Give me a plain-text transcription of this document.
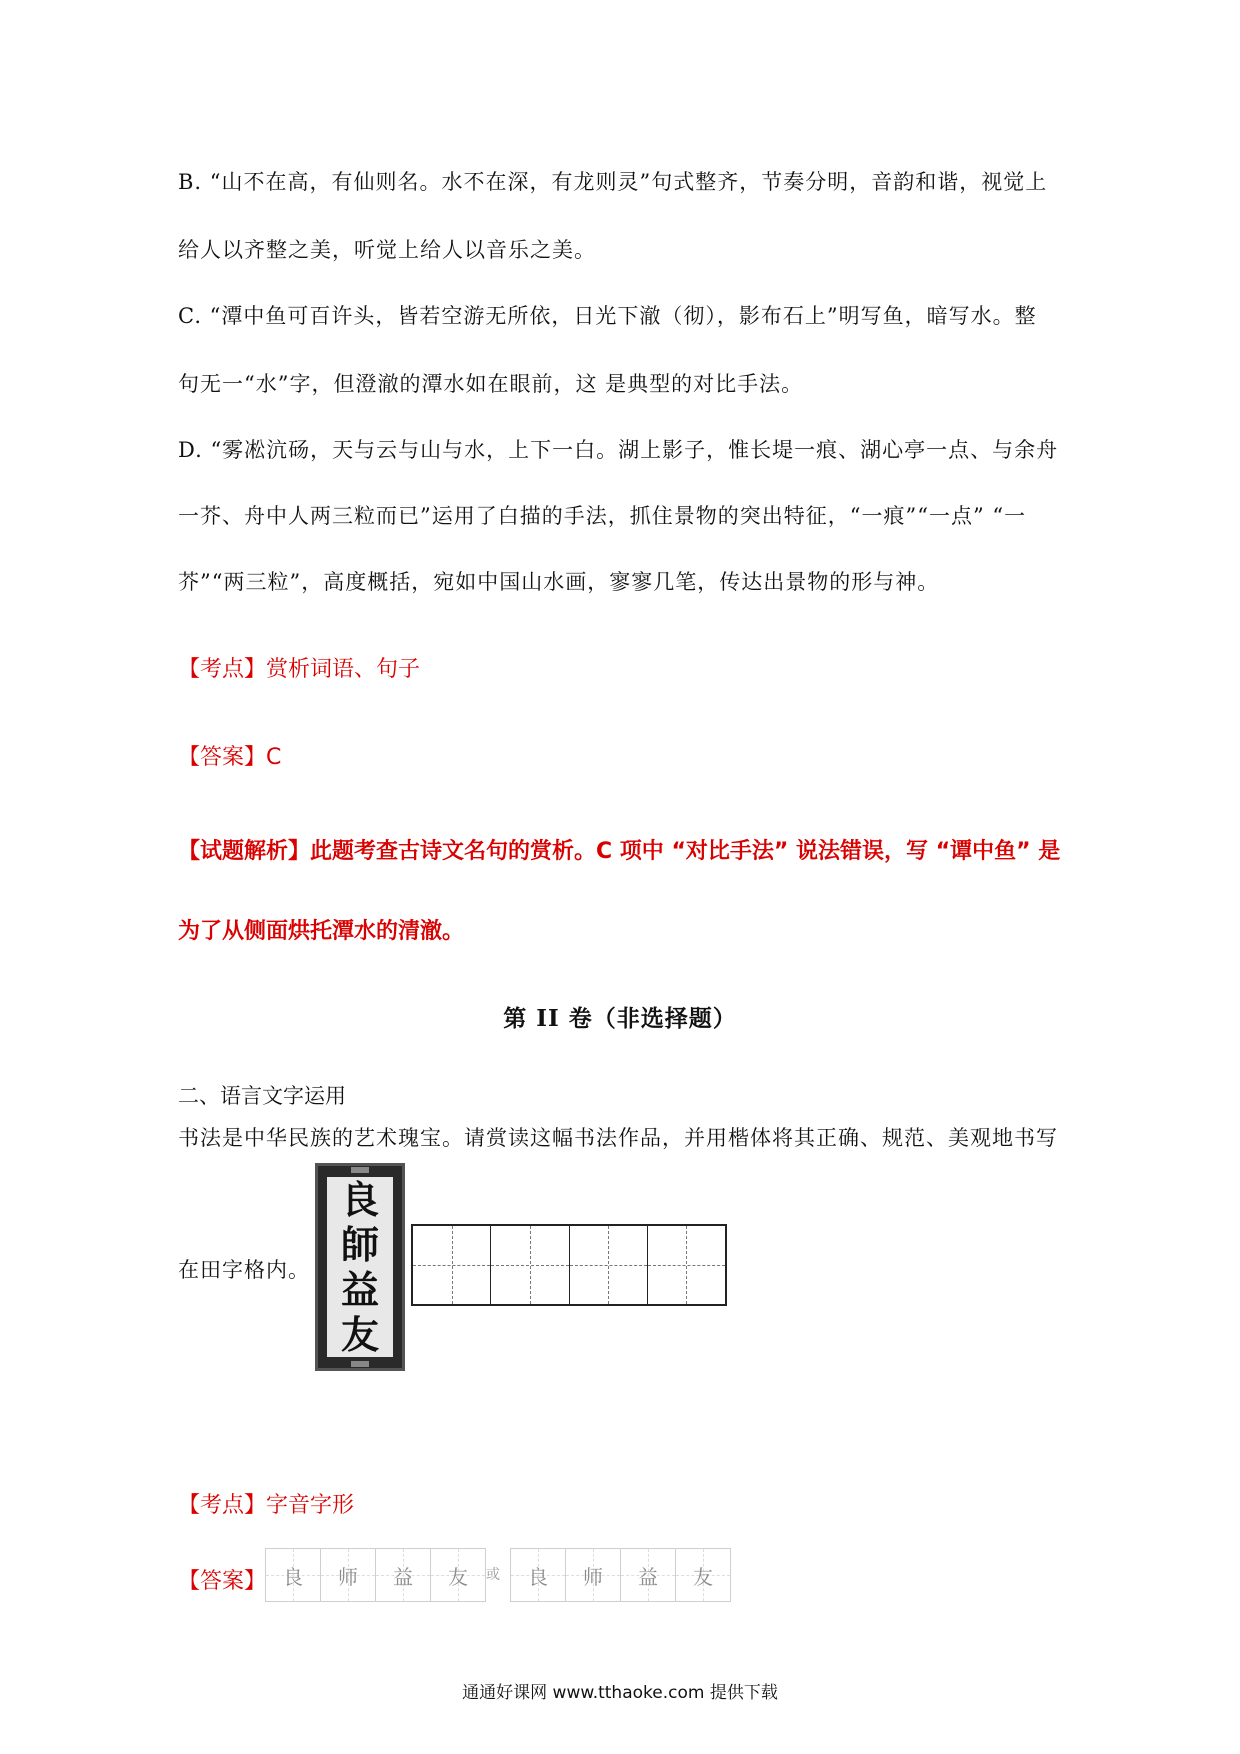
B. “山不在高，有仙则名。水不在深，有龙则灵”句式整齐，节奏分明，音韵和谐，视觉上
给人以齐整之美，听觉上给人以音乐之美。
C. “潭中鱼可百许头，皆若空游无所依，日光下澈（彻），影布石上”明写鱼，暗写水。整
句无一“水”字，但澄澈的潭水如在眼前，这 是典型的对比手法。
D. “雾凇沆砀，天与云与山与水，上下一白。湖上影子，惟长堤一痕、湖心亭一点、与余舟
一芥、舟中人两三粒而已”运用了白描的手法，抓住景物的突出特征，“一痕”“一点” “一
芥”“两三粒”，高度概括，宛如中国山水画，寥寥几笔，传达出景物的形与神。
【考点】赏析词语、句子
【答案】C
【试题解析】此题考查古诗文名句的赏析。C 项中 “对比手法” 说法错误，写 “谭中鱼” 是
为了从侧面烘托潭水的清澈。
第 II 卷（非选择题）
二、语言文字运用
书法是中华民族的艺术瑰宝。请赏读这幅书法作品，并用楷体将其正确、规范、美观地书写
在田字格内。
良
師
益
友
【考点】字音字形
【答案】 良 师 益 友 或 良 师 益 友
通通好课网 www.tthaoke.com 提供下载
